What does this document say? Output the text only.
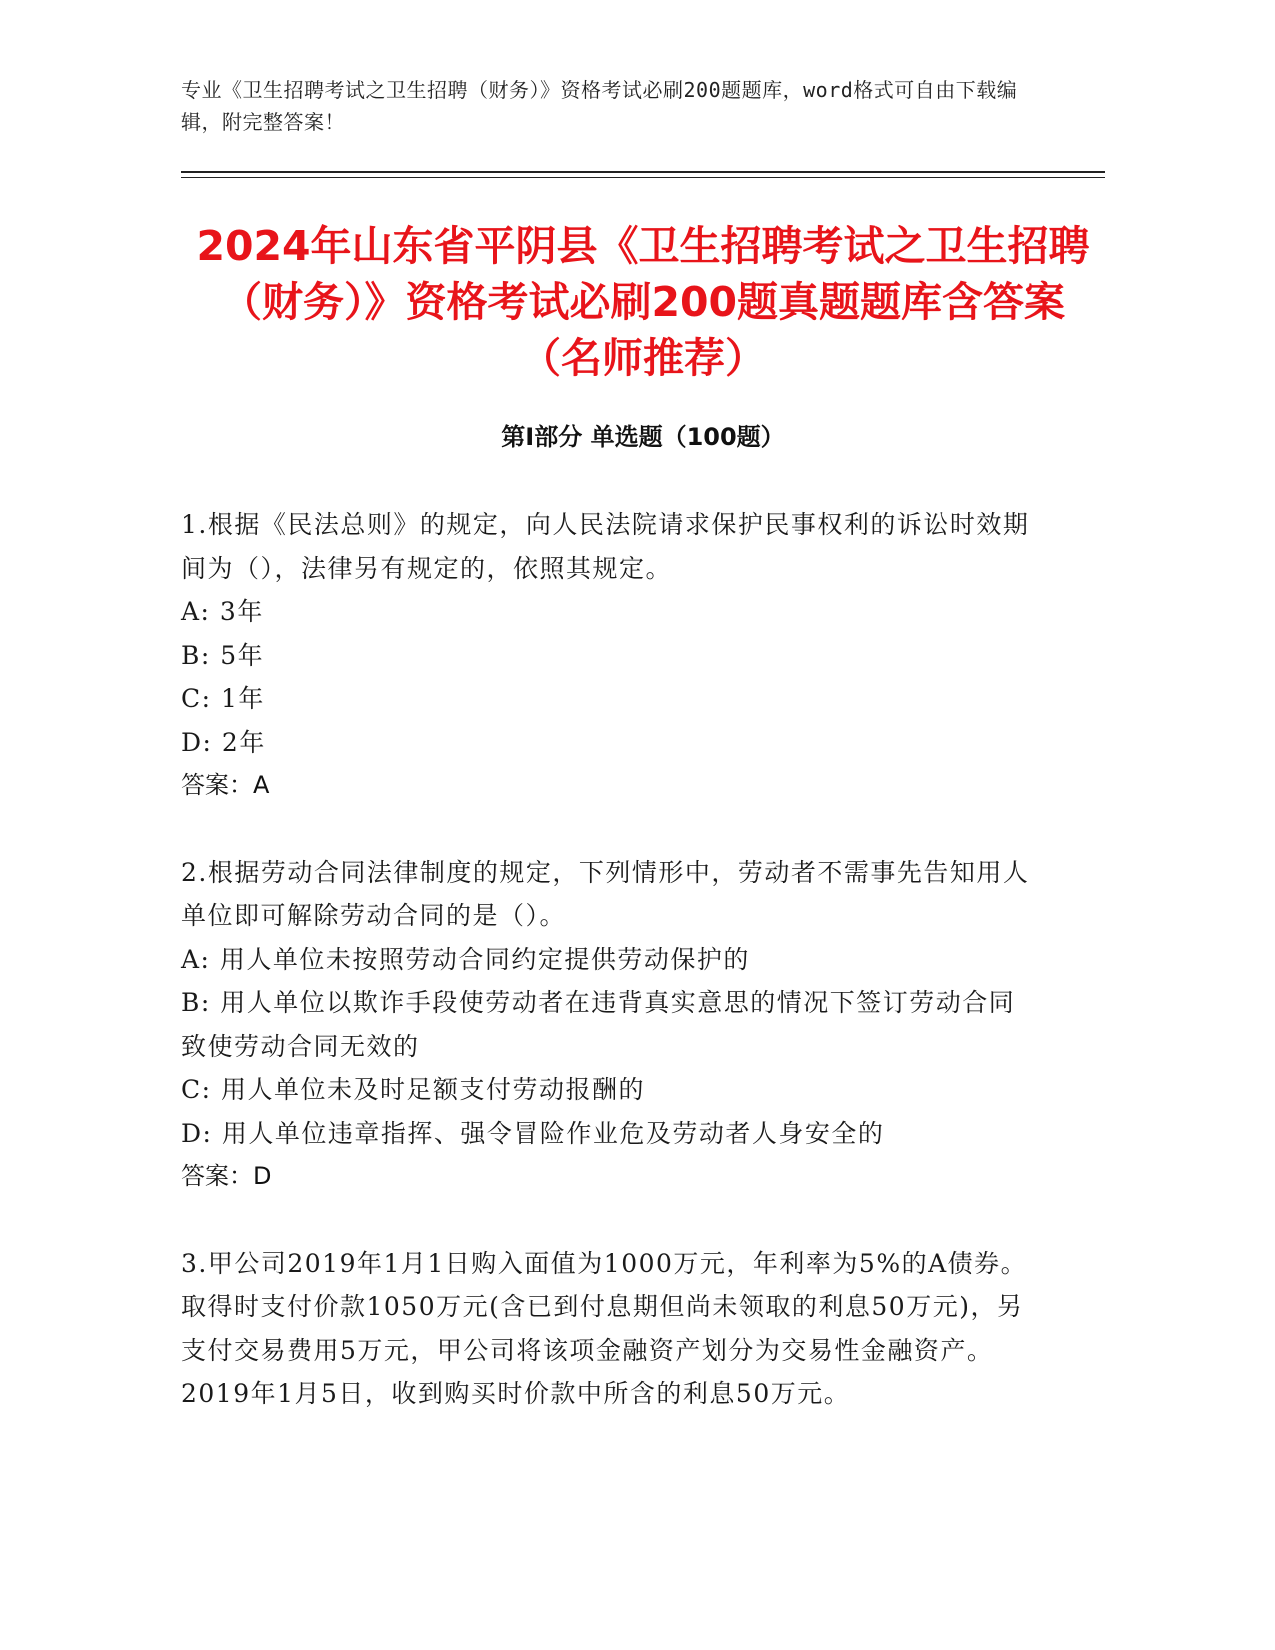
专业《卫生招聘考试之卫生招聘（财务）》资格考试必刷200题题库，word格式可自由下载编辑，附完整答案！
2024年山东省平阴县《卫生招聘考试之卫生招聘（财务）》资格考试必刷200题真题题库含答案（名师推荐）
第Ⅰ部分 单选题（100题）
1.根据《民法总则》的规定，向人民法院请求保护民事权利的诉讼时效期间为（），法律另有规定的，依照其规定。
A: 3年
B: 5年
C: 1年
D: 2年
答案：A
2.根据劳动合同法律制度的规定，下列情形中，劳动者不需事先告知用人单位即可解除劳动合同的是（）。
A: 用人单位未按照劳动合同约定提供劳动保护的
B: 用人单位以欺诈手段使劳动者在违背真实意思的情况下签订劳动合同致使劳动合同无效的
C: 用人单位未及时足额支付劳动报酬的
D: 用人单位违章指挥、强令冒险作业危及劳动者人身安全的
答案：D
3.甲公司2019年1月1日购入面值为1000万元，年利率为5%的A债券。取得时支付价款1050万元(含已到付息期但尚未领取的利息50万元)，另支付交易费用5万元，甲公司将该项金融资产划分为交易性金融资产。2019年1月5日，收到购买时价款中所含的利息50万元。
